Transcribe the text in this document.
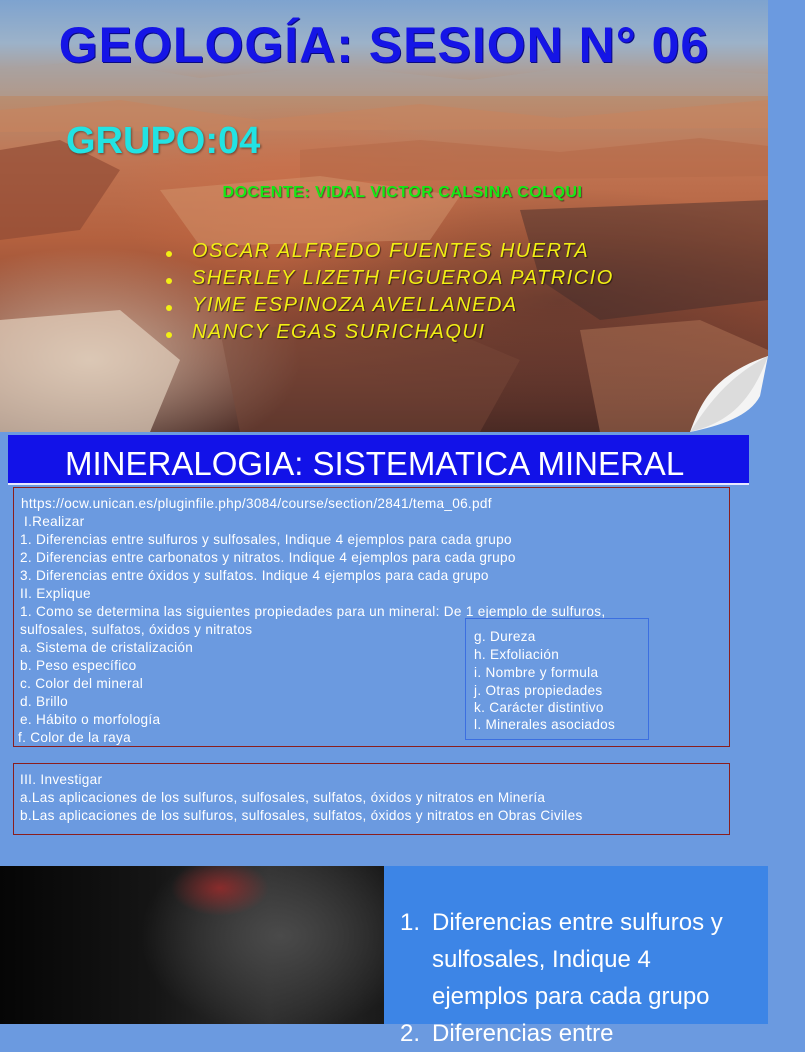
GEOLOGÍA: SESION N° 06
GRUPO:04
DOCENTE: VIDAL VICTOR CALSINA COLQUI
OSCAR ALFREDO FUENTES HUERTA
SHERLEY LIZETH FIGUEROA PATRICIO
YIME ESPINOZA AVELLANEDA
NANCY EGAS SURICHAQUI
MINERALOGIA: SISTEMATICA MINERAL
https://ocw.unican.es/pluginfile.php/3084/course/section/2841/tema_06.pdf
I.Realizar
1. Diferencias entre sulfuros y sulfosales, Indique 4 ejemplos para cada grupo
2. Diferencias entre carbonatos y nitratos. Indique 4 ejemplos para cada grupo
3. Diferencias entre óxidos y sulfatos. Indique 4 ejemplos para cada grupo
II. Explique
1. Como se determina las siguientes propiedades para un mineral: De 1 ejemplo de sulfuros,
sulfosales, sulfatos, óxidos y nitratos
a. Sistema de cristalización
b. Peso específico
c. Color del mineral
d. Brillo
e. Hábito o morfología
f. Color de la raya
g. Dureza
h. Exfoliación
i. Nombre y formula
j. Otras propiedades
k. Carácter distintivo
l. Minerales asociados
III. Investigar
a.Las aplicaciones de los sulfuros, sulfosales, sulfatos, óxidos y nitratos en Minería
b.Las aplicaciones de los sulfuros, sulfosales, sulfatos, óxidos y nitratos en Obras Civiles
1. Diferencias entre sulfuros y sulfosales, Indique 4 ejemplos para cada grupo
2. Diferencias entre
